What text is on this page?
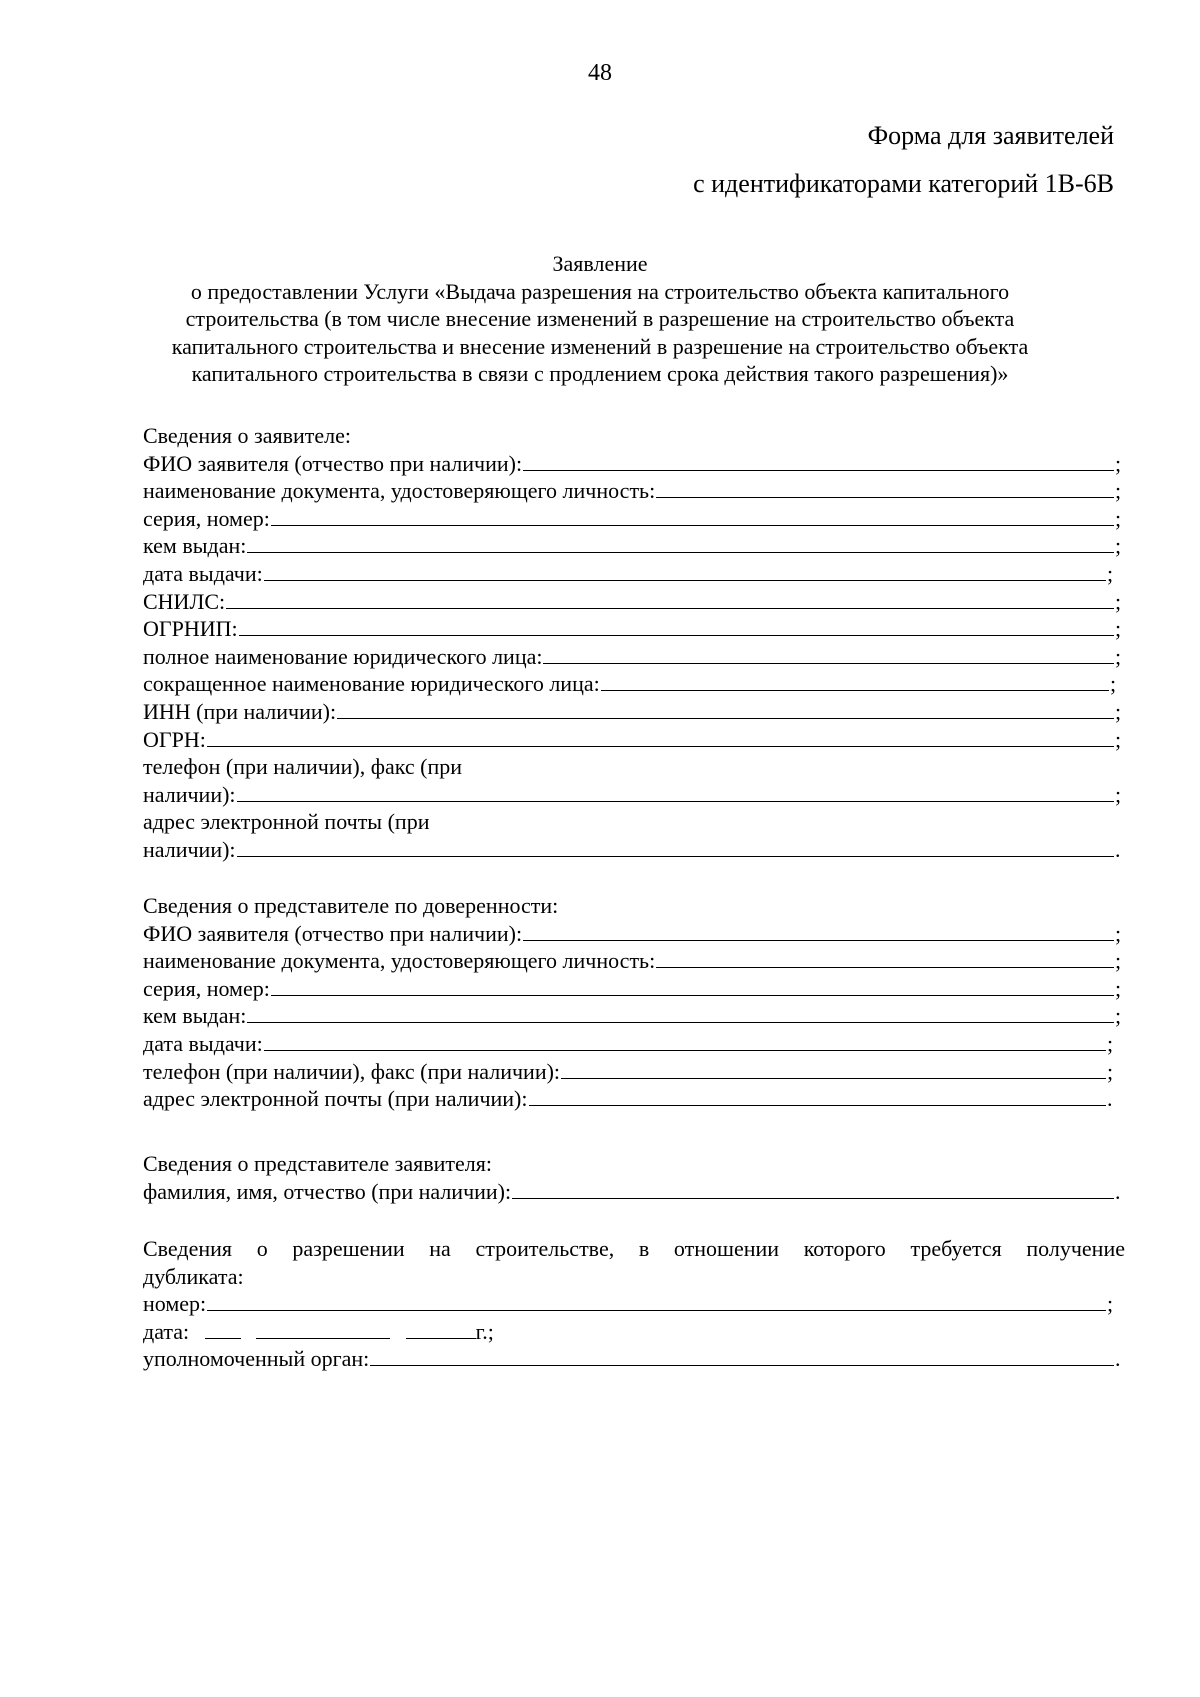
48
Форма для заявителей
с идентификаторами категорий 1В-6В
Заявление
о предоставлении Услуги «Выдача разрешения на строительство объекта капитального
строительства (в том числе внесение изменений в разрешение на строительство объекта
капитального строительства и внесение изменений в разрешение на строительство объекта
капитального строительства в связи с продлением срока действия такого разрешения)»
Сведения о заявителе:
ФИО заявителя (отчество при наличии):	;
наименование документа, удостоверяющего личность:	;
серия, номер:	;
кем выдан:	;
дата выдачи:	;
СНИЛС:	;
ОГРНИП:	;
полное наименование юридического лица:	;
сокращенное наименование юридического лица:	;
ИНН (при наличии):	;
ОГРН:	;
телефон (при наличии), факс (при
наличии):	;
адрес электронной почты (при
наличии):	.
Сведения о представителе по доверенности:
ФИО заявителя (отчество при наличии):	;
наименование документа, удостоверяющего личность:	;
серия, номер:	;
кем выдан:	;
дата выдачи:	;
телефон (при наличии), факс (при наличии):	;
адрес электронной почты (при наличии):	.
Сведения о представителе заявителя:
фамилия, имя, отчество (при наличии):	.
Сведения о разрешении на строительстве, в отношении которого требуется получение
дубликата:
номер:	;
дата:	г.;
уполномоченный орган:	.
